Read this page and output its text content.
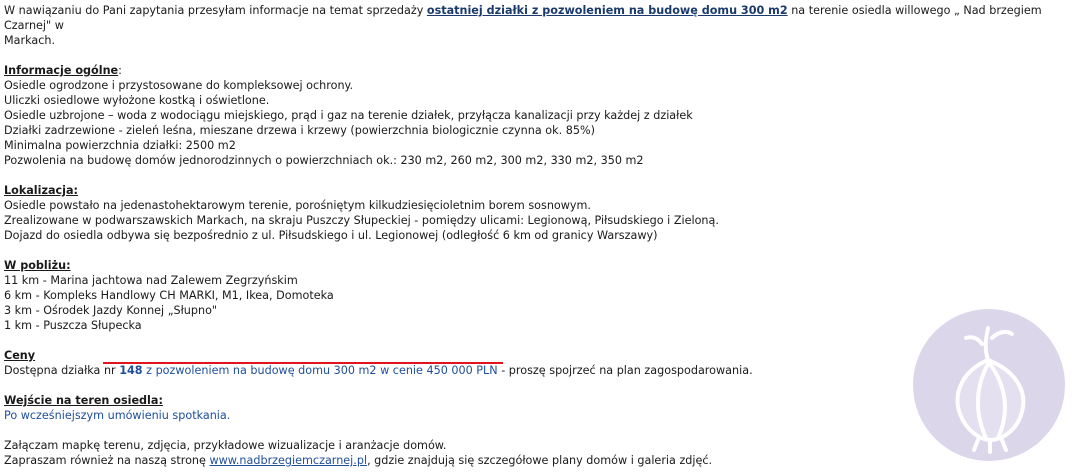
W nawiązaniu do Pani zapytania przesyłam informacje na temat sprzedaży ostatniej działki z pozwoleniem na budowę domu 300 m2 na terenie osiedla willowego „ Nad brzegiem Czarnej" w
Markach.

Informacje ogólne:

Osiedle ogrodzone i przystosowane do kompleksowej ochrony.

Uliczki osiedlowe wyłożone kostką i oświetlone.

Osiedle uzbrojone – woda z wodociągu miejskiego, prąd i gaz na terenie działek, przyłącza kanalizacji przy każdej z działek

Działki zadrzewione - zieleń leśna, mieszane drzewa i krzewy (powierzchnia biologicznie czynna ok. 85%)

Minimalna powierzchnia działki: 2500 m2

Pozwolenia na budowę domów jednorodzinnych o powierzchniach ok.: 230 m2, 260 m2, 300 m2, 330 m2, 350 m2

Lokalizacja:

Osiedle powstało na jedenastohektarowym terenie, porośniętym kilkudziesięcioletnim borem sosnowym.

Zrealizowane w podwarszawskich Markach, na skraju Puszczy Słupeckiej - pomiędzy ulicami: Legionową, Piłsudskiego i Zieloną.

Dojazd do osiedla odbywa się bezpośrednio z ul. Piłsudskiego i ul. Legionowej (odległość 6 km od granicy Warszawy)

W pobliżu:

11 km - Marina jachtowa nad Zalewem Zegrzyńskim

6 km - Kompleks Handlowy CH MARKI, M1, Ikea, Domoteka

3 km - Ośrodek Jazdy Konnej „Słupno"

1 km - Puszcza Słupecka

Ceny

Dostępna działka nr 148 z pozwoleniem na budowę domu 300 m2 w cenie 450 000 PLN - proszę spojrzeć na plan zagospodarowania.

Wejście na teren osiedla:

Po wcześniejszym umówieniu spotkania.

Załączam mapkę terenu, zdjęcia, przykładowe wizualizacje i aranżacje domów.

Zapraszam również na naszą stronę www.nadbrzegiemczarnej.pl, gdzie znajdują się szczegółowe plany domów i galeria zdjęć.
